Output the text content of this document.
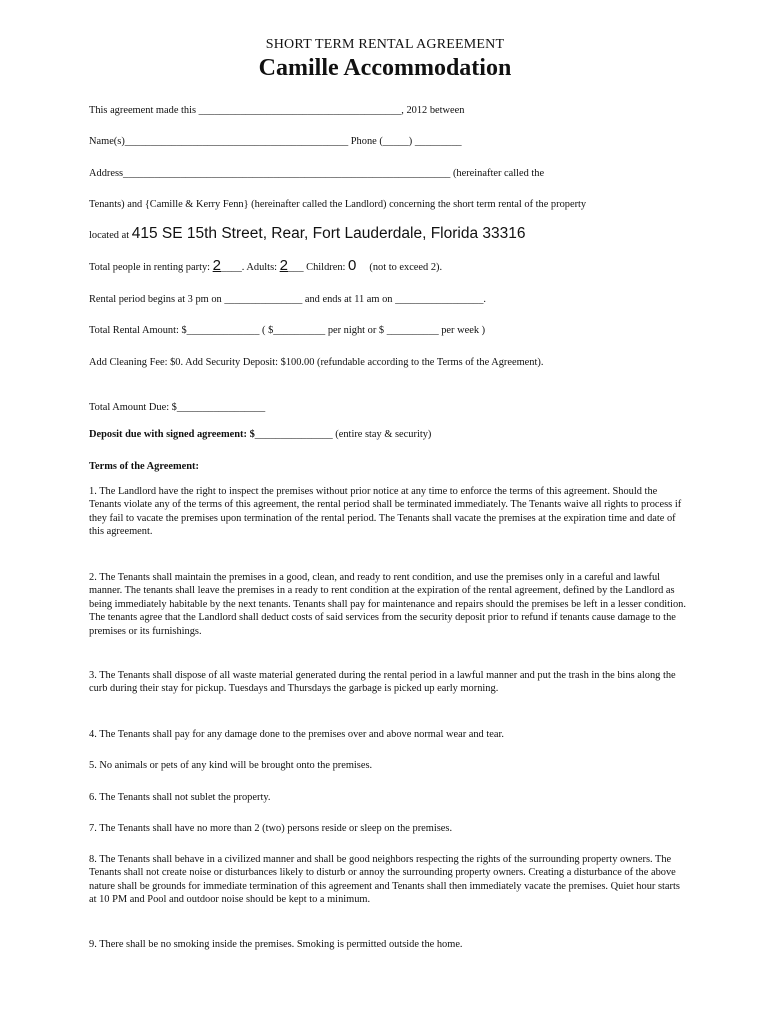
SHORT TERM RENTAL AGREEMENT
Camille Accommodation
This agreement made this _______________________________________, 2012 between
Name(s)___________________________________________ Phone (_____) _________
Address_______________________________________________________________ (hereinafter called the
Tenants) and {Camille & Kerry Fenn} (hereinafter called the Landlord) concerning the short term rental of the property
located at 415 SE 15th Street, Rear, Fort Lauderdale, Florida 33316
Total people in renting party: 2____. Adults: 2___ Children: 0 (not to exceed 2).
Rental period begins at 3 pm on _______________ and ends at 11 am on _________________.
Total Rental Amount: $______________ ( $__________ per night or $ __________ per week )
Add Cleaning Fee: $0. Add Security Deposit: $100.00 (refundable according to the Terms of the Agreement).
Total Amount Due: $_________________
Deposit due with signed agreement: $_______________ (entire stay & security)
Terms of the Agreement:
1. The Landlord have the right to inspect the premises without prior notice at any time to enforce the terms of this agreement. Should the Tenants violate any of the terms of this agreement, the rental period shall be terminated immediately. The Tenants waive all rights to process if they fail to vacate the premises upon termination of the rental period. The Tenants shall vacate the premises at the expiration time and date of this agreement.
2. The Tenants shall maintain the premises in a good, clean, and ready to rent condition, and use the premises only in a careful and lawful manner. The tenants shall leave the premises in a ready to rent condition at the expiration of the rental agreement, defined by the Landlord as being immediately habitable by the next tenants. Tenants shall pay for maintenance and repairs should the premises be left in a lesser condition. The tenants agree that the Landlord shall deduct costs of said services from the security deposit prior to refund if tenants cause damage to the premises or its furnishings.
3. The Tenants shall dispose of all waste material generated during the rental period in a lawful manner and put the trash in the bins along the curb during their stay for pickup. Tuesdays and Thursdays the garbage is picked up early morning.
4. The Tenants shall pay for any damage done to the premises over and above normal wear and tear.
5. No animals or pets of any kind will be brought onto the premises.
6. The Tenants shall not sublet the property.
7. The Tenants shall have no more than 2 (two) persons reside or sleep on the premises.
8. The Tenants shall behave in a civilized manner and shall be good neighbors respecting the rights of the surrounding property owners. The Tenants shall not create noise or disturbances likely to disturb or annoy the surrounding property owners. Creating a disturbance of the above nature shall be grounds for immediate termination of this agreement and Tenants shall then immediately vacate the premises. Quiet hour starts at 10 PM and Pool and outdoor noise should be kept to a minimum.
9. There shall be no smoking inside the premises. Smoking is permitted outside the home.
